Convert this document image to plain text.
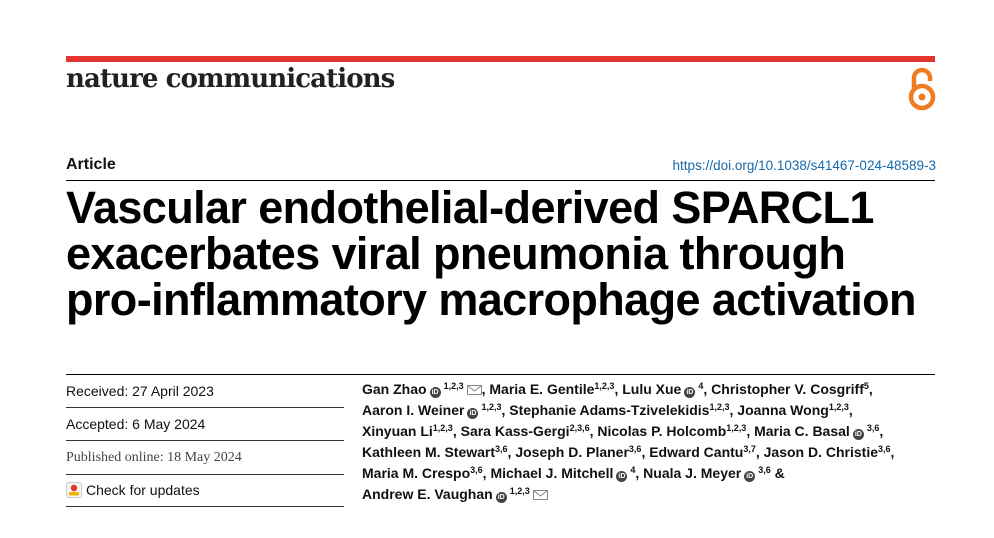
nature communications
Article	https://doi.org/10.1038/s41467-024-48589-3
Vascular endothelial-derived SPARCL1 exacerbates viral pneumonia through pro-inflammatory macrophage activation
Received: 27 April 2023
Accepted: 6 May 2024
Published online: 18 May 2024
Check for updates
Gan Zhao iD$^{1,2,3}$ , Maria E. Gentile$^{1,2,3}$, Lulu Xue $iD^4$, Christopher V. Cosgriff$^5$, Aaron I. Weiner iD$^{1,2,3}$, Stephanie Adams-Tzivelekidis$^{1,2,3}$, Joanna Wong$^{1,2,3}$, Xinyuan Li$^{1,2,3}$, Sara Kass-Gergi$^{2,3,6}$, Nicolas P. Holcomb$^{1,2,3}$, Maria C. Basal iD$^{3,6}$, Kathleen M. Stewart$^{3,6}$, Joseph D. Planer$^{3,6}$, Edward Cantu$^{3,7}$, Jason D. Christie$^{3,6}$, Maria M. Crespo$^{3,6}$, Michael J. Mitchell $iD^4$, Nuala J. Meyer iD$^{3,6}$ & Andrew E. Vaughan iD$^{1,2,3}$
